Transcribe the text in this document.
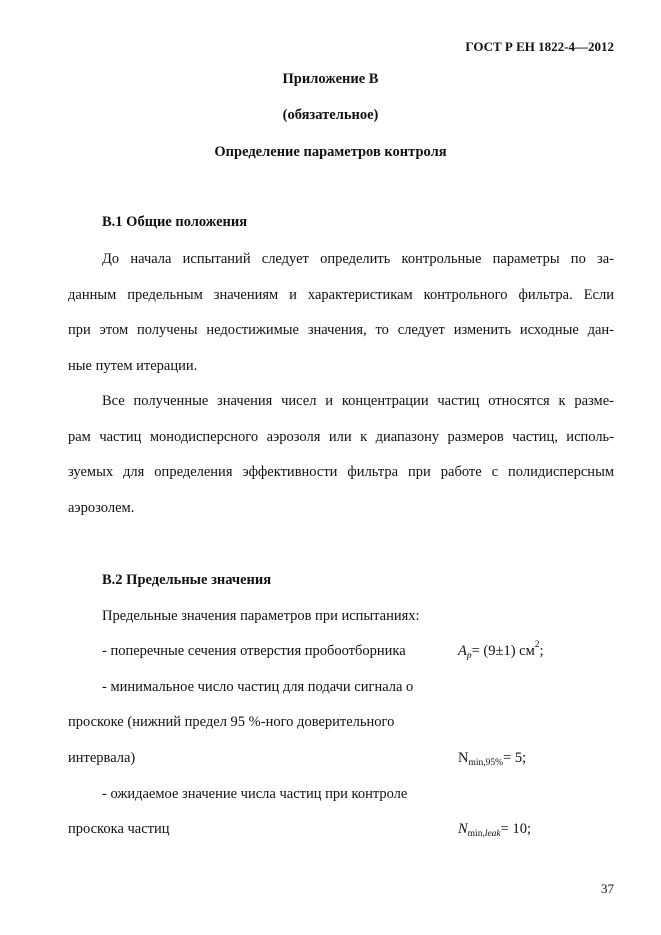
ГОСТ Р ЕН 1822-4—2012
Приложение В
(обязательное)
Определение параметров контроля
В.1 Общие положения
До начала испытаний следует определить контрольные параметры по за-
данным предельным значениям и характеристикам контрольного фильтра. Если
при этом получены недостижимые значения, то следует изменить исходные дан-
ные путем итерации.
Все полученные значения чисел и концентрации частиц относятся к разме-
рам частиц монодисперсного аэрозоля или к диапазону размеров частиц, исполь-
зуемых для определения эффективности фильтра при работе с полидисперсным
аэрозолем.
В.2 Предельные значения
Предельные значения параметров при испытаниях:
- поперечные сечения отверстия пробоотборника	$A_p= (9\pm 1)$ $см^2$;
- минимальное число частиц для подачи сигнала о
проскоке (нижний предел 95 %-ного доверительного
интервала)	$N_{min,95\%}= 5$;
- ожидаемое значение числа частиц при контроле
проскока частиц	$N_{min,leak}= 10$;
37
